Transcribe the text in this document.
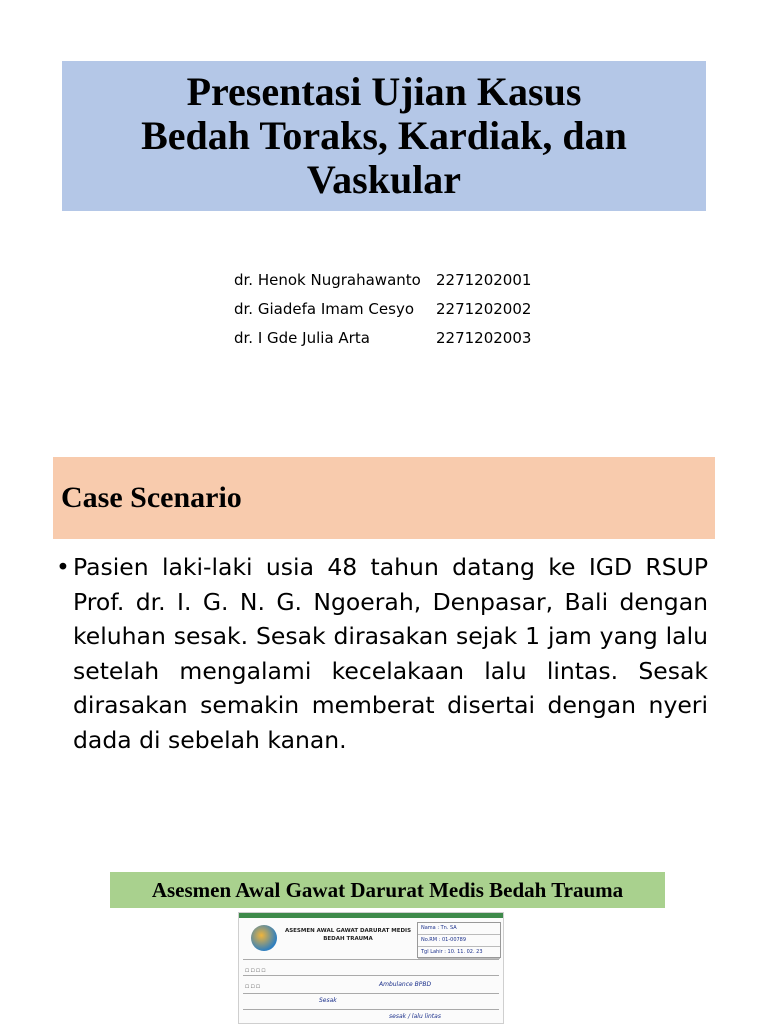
Presentasi Ujian Kasus
Bedah Toraks, Kardiak, dan
Vaskular
dr. Henok Nugrahawanto 2271202001
dr. Giadefa Imam Cesyo 2271202002
dr. I Gde Julia Arta	2271202003
Case Scenario
• Pasien laki-laki usia 48 tahun datang ke IGD RSUP Prof. dr. I. G. N. G. Ngoerah, Denpasar, Bali dengan keluhan sesak. Sesak dirasakan sejak 1 jam yang lalu setelah mengalami kecelakaan lalu lintas. Sesak dirasakan semakin memberat disertai dengan nyeri dada di sebelah kanan.

Asesmen Awal Gawat Darurat Medis Bedah Trauma
ASESMEN AWAL GAWAT DARURAT MEDIS
BEDAH TRAUMA
Nama : Tn. SA
No.RM : 01-00789
Tgl Lahir : 10. 11. 02. 23
☐ ☐ ☐ ☐
☐ ☐ ☐
Sesak
Ambulance BPBD
sesak / lalu lintas
